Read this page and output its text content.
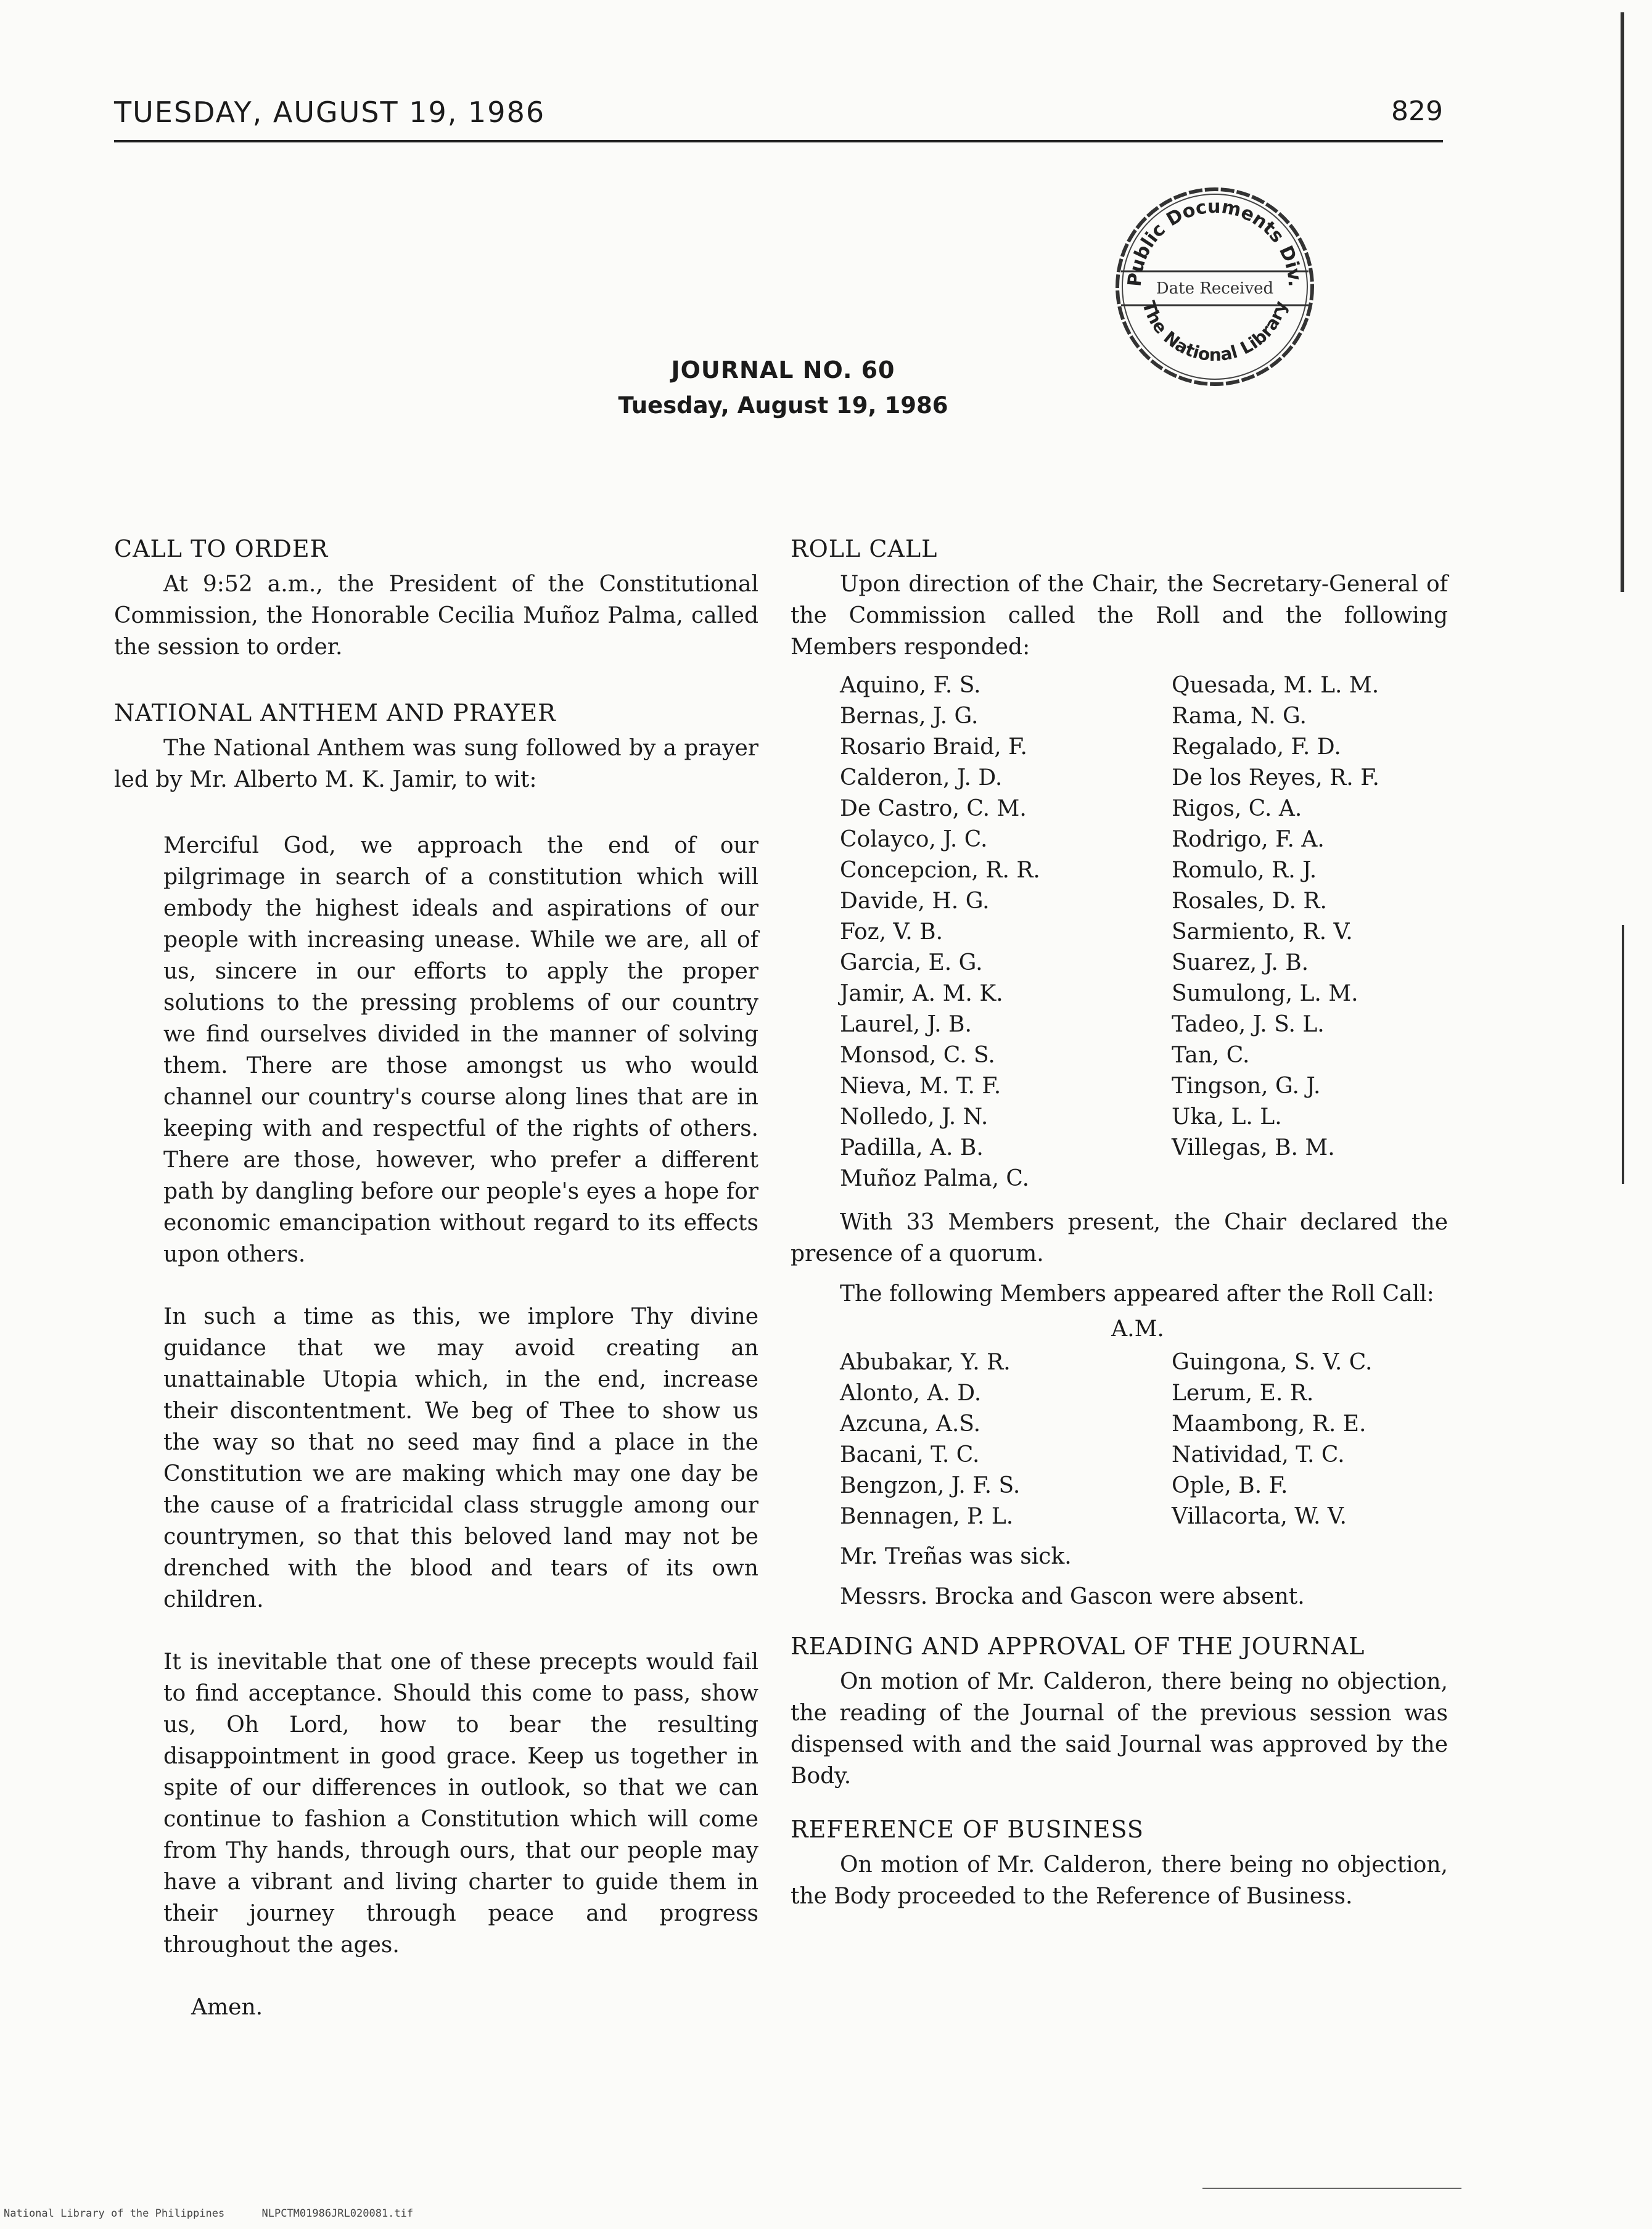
TUESDAY, AUGUST 19, 1986	829
Public Documents Div.
Date Received
The National Library
JOURNAL NO. 60
Tuesday, August 19, 1986
CALL TO ORDER

At 9:52 a.m., the President of the Constitutional Commission, the Honorable Cecilia Muñoz Palma, called the session to order.

NATIONAL ANTHEM AND PRAYER

The National Anthem was sung followed by a prayer led by Mr. Alberto M. K. Jamir, to wit:

Merciful God, we approach the end of our pilgrimage in search of a constitution which will embody the highest ideals and aspirations of our people with increasing unease. While we are, all of us, sincere in our efforts to apply the proper solutions to the pressing problems of our country we find ourselves divided in the manner of solving them. There are those amongst us who would channel our country's course along lines that are in keeping with and respectful of the rights of others. There are those, however, who prefer a different path by dangling before our people's eyes a hope for economic emancipation without regard to its effects upon others.

In such a time as this, we implore Thy divine guidance that we may avoid creating an unattainable Utopia which, in the end, increase their discontentment. We beg of Thee to show us the way so that no seed may find a place in the Constitution we are making which may one day be the cause of a fratricidal class struggle among our countrymen, so that this beloved land may not be drenched with the blood and tears of its own children.

It is inevitable that one of these precepts would fail to find acceptance. Should this come to pass, show us, Oh Lord, how to bear the resulting disappointment in good grace. Keep us together in spite of our differences in outlook, so that we can continue to fashion a Constitution which will come from Thy hands, through ours, that our people may have a vibrant and living charter to guide them in their journey through peace and progress throughout the ages.

Amen.
ROLL CALL

Upon direction of the Chair, the Secretary-General of the Commission called the Roll and the following Members responded:

Aquino, F. S.
Bernas, J. G.
Rosario Braid, F.
Calderon, J. D.
De Castro, C. M.
Colayco, J. C.
Concepcion, R. R.
Davide, H. G.
Foz, V. B.
Garcia, E. G.
Jamir, A. M. K.
Laurel, J. B.
Monsod, C. S.
Nieva, M. T. F.
Nolledo, J. N.
Padilla, A. B.
Muñoz Palma, C.
Quesada, M. L. M.
Rama, N. G.
Regalado, F. D.
De los Reyes, R. F.
Rigos, C. A.
Rodrigo, F. A.
Romulo, R. J.
Rosales, D. R.
Sarmiento, R. V.
Suarez, J. B.
Sumulong, L. M.
Tadeo, J. S. L.
Tan, C.
Tingson, G. J.
Uka, L. L.
Villegas, B. M.

With 33 Members present, the Chair declared the presence of a quorum.

The following Members appeared after the Roll Call:

A.M.
Abubakar, Y. R.
Alonto, A. D.
Azcuna, A.S.
Bacani, T. C.
Bengzon, J. F. S.
Bennagen, P. L.
Guingona, S. V. C.
Lerum, E. R.
Maambong, R. E.
Natividad, T. C.
Ople, B. F.
Villacorta, W. V.
Mr. Treñas was sick.
Messrs. Brocka and Gascon were absent.
READING AND APPROVAL OF THE JOURNAL

On motion of Mr. Calderon, there being no objection, the reading of the Journal of the previous session was dispensed with and the said Journal was approved by the Body.

REFERENCE OF BUSINESS

On motion of Mr. Calderon, there being no objection, the Body proceeded to the Reference of Business.

National Library of the Philippines	NLPCTM01986JRL020081.tif
